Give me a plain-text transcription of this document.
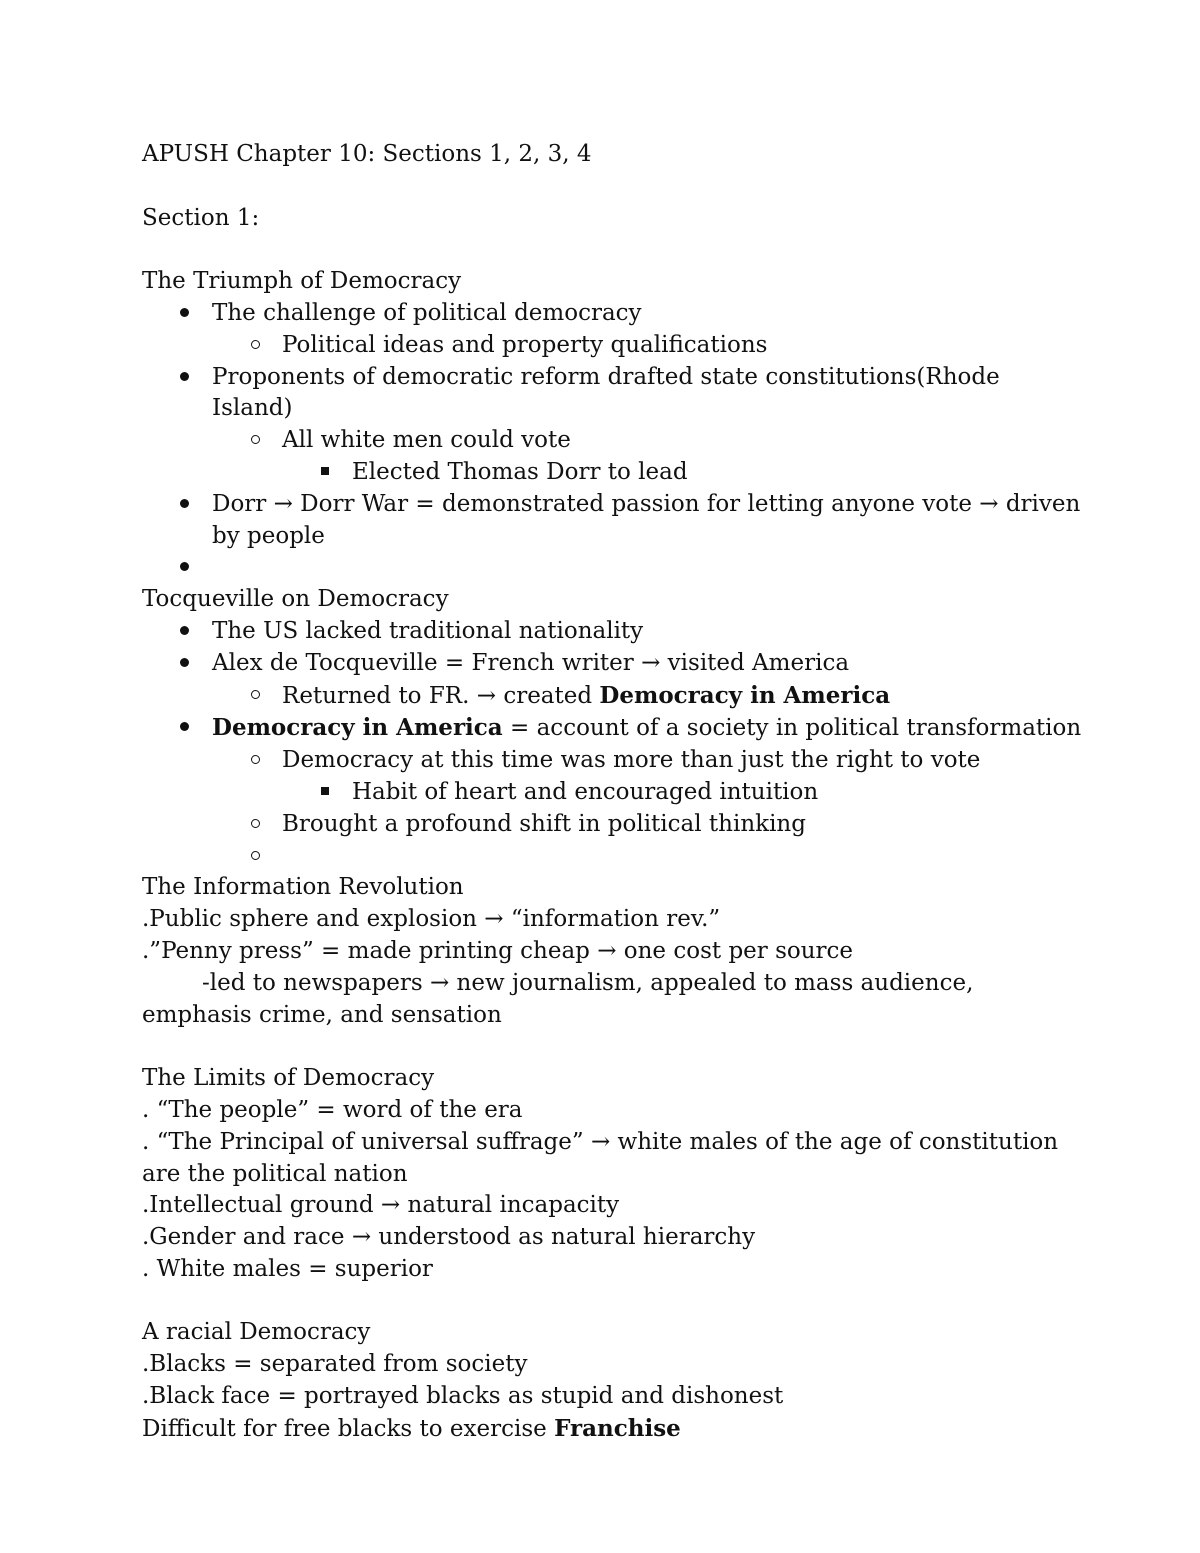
APUSH Chapter 10: Sections 1, 2, 3, 4
Section 1:
The Triumph of Democracy
The challenge of political democracy
Political ideas and property qualifications
Proponents of democratic reform drafted state constitutions(Rhode Island)
All white men could vote
Elected Thomas Dorr to lead
Dorr → Dorr War = demonstrated passion for letting anyone vote → driven by people
Tocqueville on Democracy
The US lacked traditional nationality
Alex de Tocqueville = French writer → visited America
Returned to FR. → created Democracy in America
Democracy in America = account of a society in political transformation
Democracy at this time was more than just the right to vote
Habit of heart and encouraged intuition
Brought a profound shift in political thinking
The Information Revolution
.Public sphere and explosion → “information rev.”
.”Penny press” = made printing cheap → one cost per source
-led to newspapers → new journalism, appealed to mass audience,
emphasis crime, and sensation
The Limits of Democracy
. “The people” = word of the era
. “The Principal of universal suffrage” → white males of the age of constitution
are the political nation
.Intellectual ground → natural incapacity
.Gender and race → understood as natural hierarchy
. White males = superior
A racial Democracy
.Blacks = separated from society
.Black face = portrayed blacks as stupid and dishonest
Difficult for free blacks to exercise Franchise
